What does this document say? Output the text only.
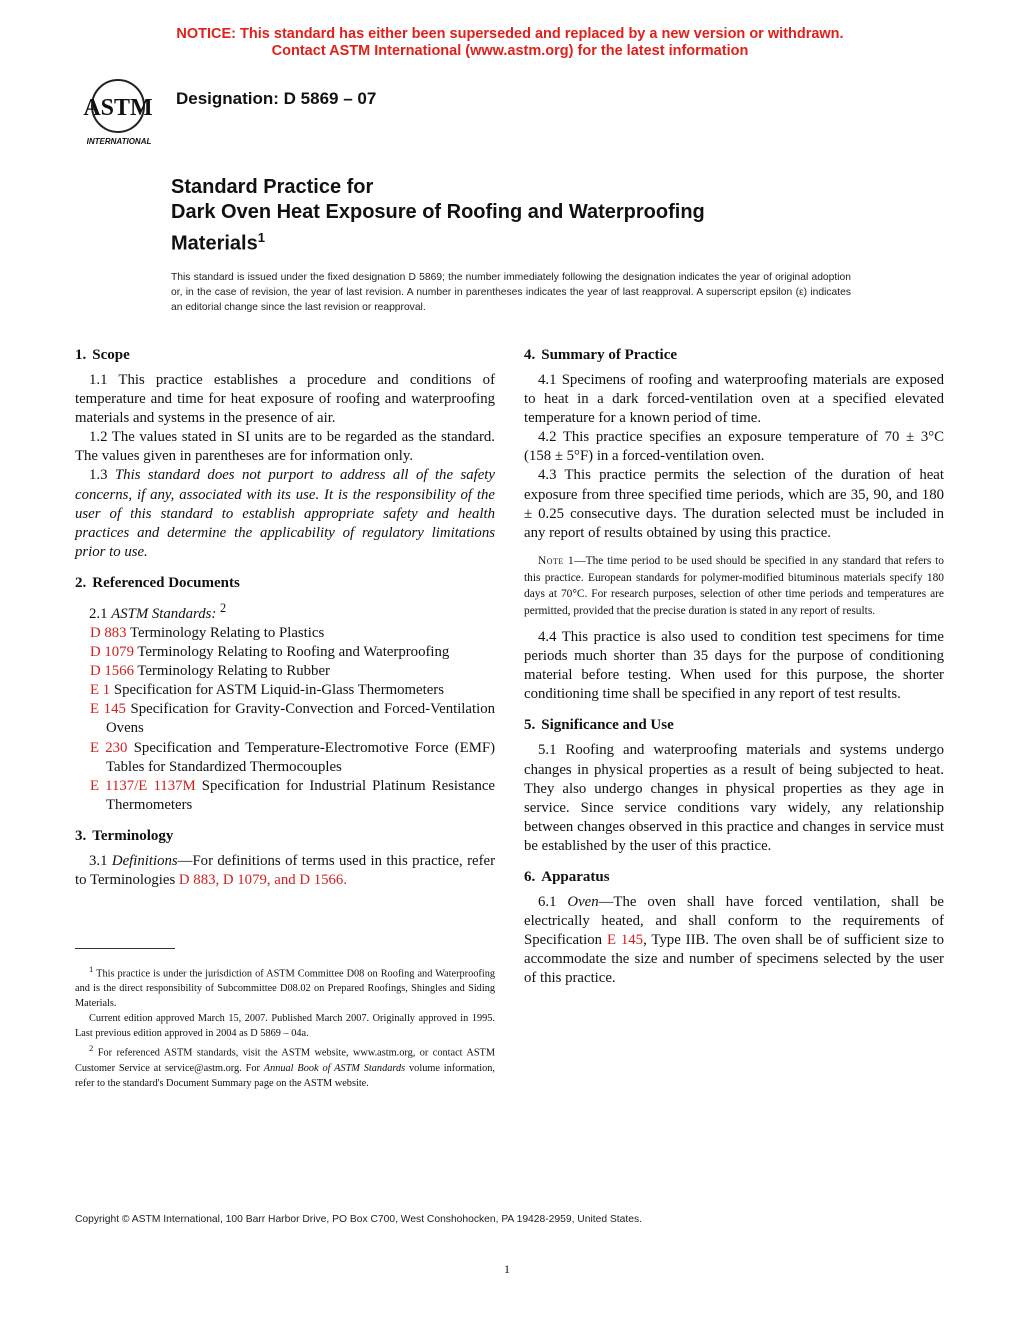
NOTICE: This standard has either been superseded and replaced by a new version or withdrawn.
Contact ASTM International (www.astm.org) for the latest information
ASTM
INTERNATIONAL
Designation: D 5869 – 07
Standard Practice for
Dark Oven Heat Exposure of Roofing and Waterproofing
Materials$^1$
This standard is issued under the fixed designation D 5869; the number immediately following the designation indicates the year of original adoption or, in the case of revision, the year of last revision. A number in parentheses indicates the year of last reapproval. A superscript epsilon (ε) indicates an editorial change since the last revision or reapproval.
1. Scope

1.1 This practice establishes a procedure and conditions of temperature and time for heat exposure of roofing and waterproofing materials and systems in the presence of air.

1.2 The values stated in SI units are to be regarded as the standard. The values given in parentheses are for information only.

1.3 This standard does not purport to address all of the safety concerns, if any, associated with its use. It is the responsibility of the user of this standard to establish appropriate safety and health practices and determine the applicability of regulatory limitations prior to use.

2. Referenced Documents

2.1 ASTM Standards: $^2$

D 883 Terminology Relating to Plastics
D 1079 Terminology Relating to Roofing and Waterproofing
D 1566 Terminology Relating to Rubber
E 1 Specification for ASTM Liquid-in-Glass Thermometers
E 145 Specification for Gravity-Convection and Forced-Ventilation Ovens
E 230 Specification and Temperature-Electromotive Force (EMF) Tables for Standardized Thermocouples
E 1137/E 1137M Specification for Industrial Platinum Resistance Thermometers
3. Terminology

3.1 Definitions—For definitions of terms used in this practice, refer to Terminologies D 883, D 1079, and D 1566.

$^1$ This practice is under the jurisdiction of ASTM Committee D08 on Roofing and Waterproofing and is the direct responsibility of Subcommittee D08.02 on Prepared Roofings, Shingles and Siding Materials.

Current edition approved March 15, 2007. Published March 2007. Originally approved in 1995. Last previous edition approved in 2004 as D 5869 – 04a.

$^2$ For referenced ASTM standards, visit the ASTM website, www.astm.org, or contact ASTM Customer Service at service@astm.org. For Annual Book of ASTM Standards volume information, refer to the standard's Document Summary page on the ASTM website.

4. Summary of Practice

4.1 Specimens of roofing and waterproofing materials are exposed to heat in a dark forced-ventilation oven at a specified elevated temperature for a known period of time.

4.2 This practice specifies an exposure temperature of 70 ± 3°C (158 ± 5°F) in a forced-ventilation oven.

4.3 This practice permits the selection of the duration of heat exposure from three specified time periods, which are 35, 90, and 180 ± 0.25 consecutive days. The duration selected must be included in any report of results obtained by using this practice.

Note 1—The time period to be used should be specified in any standard that refers to this practice. European standards for polymer-modified bituminous materials specify 180 days at 70°C. For research purposes, selection of other time periods and temperatures are permitted, provided that the precise duration is stated in any report of results.

4.4 This practice is also used to condition test specimens for time periods much shorter than 35 days for the purpose of conditioning material before testing. When used for this purpose, the shorter conditioning time shall be specified in any report of test results.

5. Significance and Use

5.1 Roofing and waterproofing materials and systems undergo changes in physical properties as a result of being subjected to heat. They also undergo changes in physical properties as they age in service. Since service conditions vary widely, any relationship between changes observed in this practice and changes in service must be established by the user of this practice.

6. Apparatus

6.1 Oven—The oven shall have forced ventilation, shall be electrically heated, and shall conform to the requirements of Specification E 145, Type IIB. The oven shall be of sufficient size to accommodate the size and number of specimens selected by the user of this practice.

Copyright © ASTM International, 100 Barr Harbor Drive, PO Box C700, West Conshohocken, PA 19428-2959, United States.
1
